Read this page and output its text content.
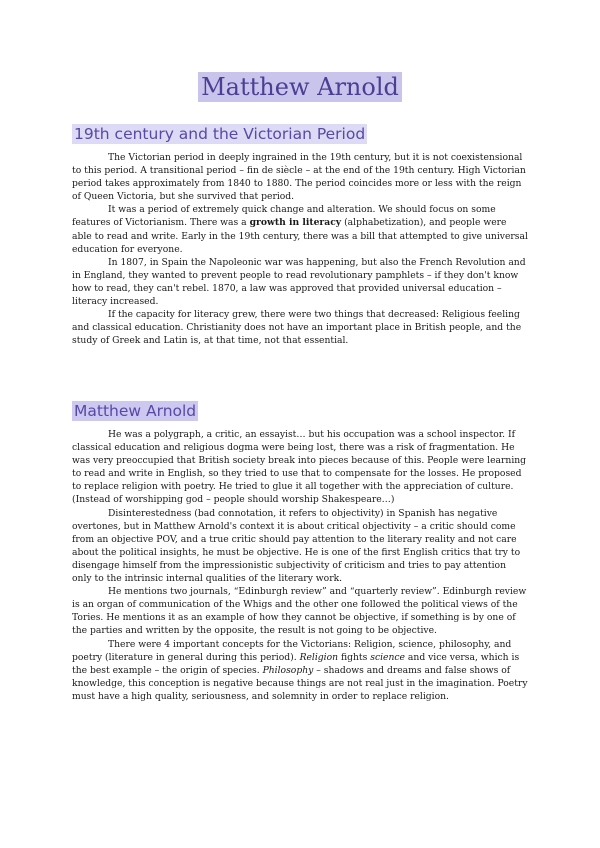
Matthew Arnold
19th century and the Victorian Period

The Victorian period in deeply ingrained in the 19th century, but it is not coexistensional to this period. A transitional period – fin de siècle – at the end of the 19th century. High Victorian period takes approximately from 1840 to 1880. The period coincides more or less with the reign of Queen Victoria, but she survived that period.

It was a period of extremely quick change and alteration. We should focus on some features of Victorianism. There was a growth in literacy (alphabetization), and people were able to read and write. Early in the 19th century, there was a bill that attempted to give universal education for everyone.

In 1807, in Spain the Napoleonic war was happening, but also the French Revolution and in England, they wanted to prevent people to read revolutionary pamphlets – if they don't know how to read, they can't rebel. 1870, a law was approved that provided universal education – literacy increased.

If the capacity for literacy grew, there were two things that decreased: Religious feeling and classical education. Christianity does not have an important place in British people, and the study of Greek and Latin is, at that time, not that essential.

Matthew Arnold

He was a polygraph, a critic, an essayist… but his occupation was a school inspector. If classical education and religious dogma were being lost, there was a risk of fragmentation. He was very preoccupied that British society break into pieces because of this. People were learning to read and write in English, so they tried to use that to compensate for the losses. He proposed to replace religion with poetry. He tried to glue it all together with the appreciation of culture. (Instead of worshipping god – people should worship Shakespeare…)

Disinterestedness (bad connotation, it refers to objectivity) in Spanish has negative overtones, but in Matthew Arnold's context it is about critical objectivity – a critic should come from an objective POV, and a true critic should pay attention to the literary reality and not care about the political insights, he must be objective. He is one of the first English critics that try to disengage himself from the impressionistic subjectivity of criticism and tries to pay attention only to the intrinsic internal qualities of the literary work.

He mentions two journals, “Edinburgh review” and “quarterly review”. Edinburgh review is an organ of communication of the Whigs and the other one followed the political views of the Tories. He mentions it as an example of how they cannot be objective, if something is by one of the parties and written by the opposite, the result is not going to be objective.

There were 4 important concepts for the Victorians: Religion, science, philosophy, and poetry (literature in general during this period). Religion fights science and vice versa, which is the best example – the origin of species. Philosophy – shadows and dreams and false shows of knowledge, this conception is negative because things are not real just in the imagination. Poetry must have a high quality, seriousness, and solemnity in order to replace religion.
